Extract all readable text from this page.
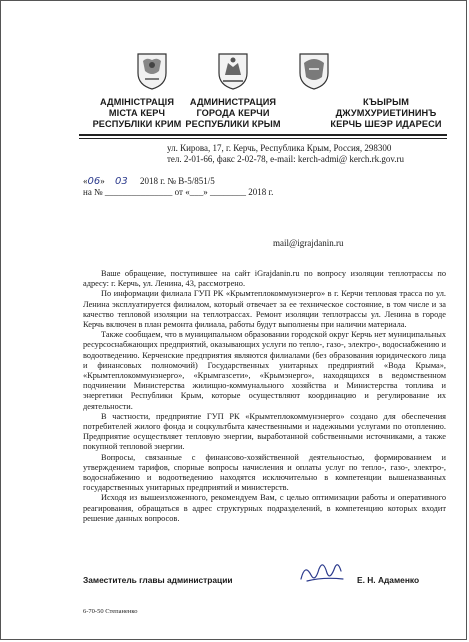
АДМІНІСТРАЦІЯ
МІСТА КЕРЧ
РЕСПУБЛІКИ КРИМ
АДМИНИСТРАЦИЯ
ГОРОДА КЕРЧИ
РЕСПУБЛИКИ КРЫМ
КЪЫРЫМ
ДЖУМХУРИЕТИНИНЪ
КЕРЧЬ ШЕЭР ИДАРЕСИ
ул. Кирова, 17, г. Керчь, Республика Крым, Россия, 298300
тел. 2-01-66, факс 2-02-78, e-mail: kerch-admi@ kerch.rk.gov.ru
«06» 03 2018 г. № В-5/851/5
на № _______________ от «___» ________ 2018 г.
mail@igrajdanin.ru

Ваше обращение, поступившее на сайт iGrajdanin.ru по вопросу изоляции теплотрассы по адресу: г. Керчь, ул. Ленина, 43, рассмотрено.

По информации филиала ГУП РК «Крымтеплокоммунэнерго» в г. Керчи тепловая трасса по ул. Ленина эксплуатируется филиалом, который отвечает за ее техническое состояние, в том числе и за качество тепловой изоляции на теплотрассах. Ремонт изоляции теплотрассы ул. Ленина в городе Керчь включен в план ремонта филиала, работы будут выполнены при наличии материала.

Также сообщаем, что в муниципальном образовании городской округ Керчь нет муниципальных ресурсоснабжающих предприятий, оказывающих услуги по тепло-, газо-, электро-, водоснабжению и водоотведению. Керченские предприятия являются филиалами (без образования юридического лица и финансовых полномочий) Государственных унитарных предприятий «Вода Крыма», «Крымтеплокоммунэнерго», «Крымгазсети», «Крымэнерго», находящихся в ведомственном подчинении Министерства жилищно-коммунального хозяйства и Министерства топлива и энергетики Республики Крым, которые осуществляют координацию и регулирование их деятельности.

В частности, предприятие ГУП РК «Крымтеплокоммунэнерго» создано для обеспечения потребителей жилого фонда и соцкультбыта качественными и надежными услугами по отоплению. Предприятие осуществляет тепловую энергии, выработанной собственными источниками, а также покупной тепловой энергии.

Вопросы, связанные с финансово-хозяйственной деятельностью, формированием и утверждением тарифов, спорные вопросы начисления и оплаты услуг по тепло-, газо-, электро-, водоснабжению и водоотведению находятся исключительно в компетенции вышеназванных государственных унитарных предприятий и министерств.

Исходя из вышеизложенного, рекомендуем Вам, с целью оптимизации работы и оперативного реагирования, обращаться в адрес структурных подразделений, в компетенцию которых входит решение данных вопросов.

Заместитель главы администрации	Е. Н. Адаменко
6-70-50 Степаненко
